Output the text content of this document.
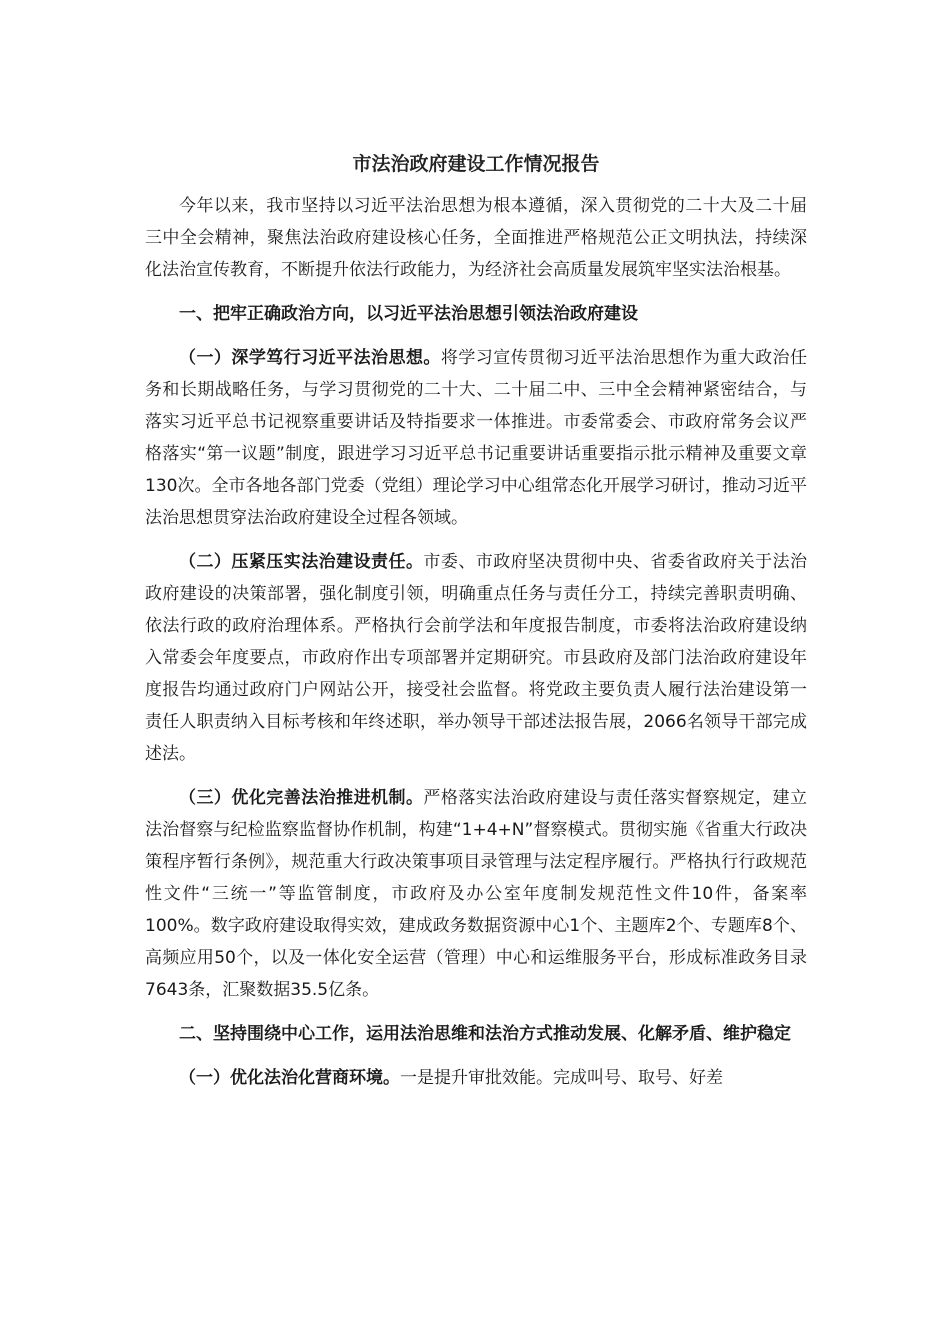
市法治政府建设工作情况报告

今年以来，我市坚持以习近平法治思想为根本遵循，深入贯彻党的二十大及二十届三中全会精神，聚焦法治政府建设核心任务，全面推进严格规范公正文明执法，持续深化法治宣传教育，不断提升依法行政能力，为经济社会高质量发展筑牢坚实法治根基。

一、把牢正确政治方向，以习近平法治思想引领法治政府建设

（一）深学笃行习近平法治思想。将学习宣传贯彻习近平法治思想作为重大政治任务和长期战略任务，与学习贯彻党的二十大、二十届二中、三中全会精神紧密结合，与落实习近平总书记视察重要讲话及特指要求一体推进。市委常委会、市政府常务会议严格落实“第一议题”制度，跟进学习习近平总书记重要讲话重要指示批示精神及重要文章130次。全市各地各部门党委（党组）理论学习中心组常态化开展学习研讨，推动习近平法治思想贯穿法治政府建设全过程各领域。

（二）压紧压实法治建设责任。市委、市政府坚决贯彻中央、省委省政府关于法治政府建设的决策部署，强化制度引领，明确重点任务与责任分工，持续完善职责明确、依法行政的政府治理体系。严格执行会前学法和年度报告制度，市委将法治政府建设纳入常委会年度要点，市政府作出专项部署并定期研究。市县政府及部门法治政府建设年度报告均通过政府门户网站公开，接受社会监督。将党政主要负责人履行法治建设第一责任人职责纳入目标考核和年终述职，举办领导干部述法报告展，2066名领导干部完成述法。

（三）优化完善法治推进机制。严格落实法治政府建设与责任落实督察规定，建立法治督察与纪检监察监督协作机制，构建“1+4+N”督察模式。贯彻实施《省重大行政决策程序暂行条例》，规范重大行政决策事项目录管理与法定程序履行。严格执行行政规范性文件“三统一”等监管制度，市政府及办公室年度制发规范性文件10件，备案率100%。数字政府建设取得实效，建成政务数据资源中心1个、主题库2个、专题库8个、高频应用50个，以及一体化安全运营（管理）中心和运维服务平台，形成标准政务目录7643条，汇聚数据35.5亿条。

二、坚持围绕中心工作，运用法治思维和法治方式推动发展、化解矛盾、维护稳定

（一）优化法治化营商环境。一是提升审批效能。完成叫号、取号、好差
